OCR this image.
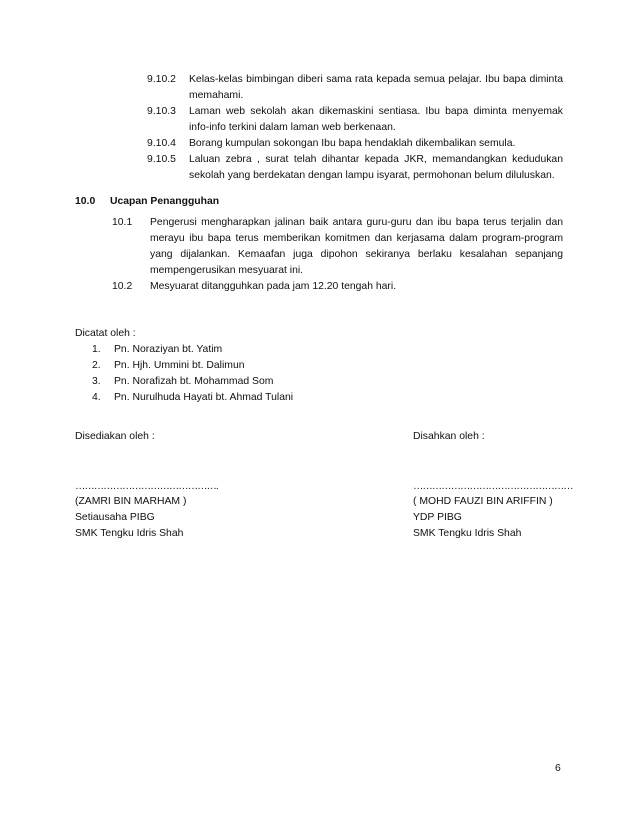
9.10.2 Kelas-kelas bimbingan diberi sama rata kepada semua pelajar. Ibu bapa diminta
memahami.
9.10.3 Laman web sekolah akan dikemaskini sentiasa. Ibu bapa diminta menyemak
info-info terkini dalam laman web berkenaan.
9.10.4 Borang kumpulan sokongan Ibu bapa hendaklah dikembalikan semula.
9.10.5 Laluan zebra , surat telah dihantar kepada JKR, memandangkan kedudukan
sekolah yang berdekatan dengan lampu isyarat, permohonan belum diluluskan.
10.0 Ucapan Penangguhan
10.1 Pengerusi mengharapkan jalinan baik antara guru-guru dan ibu bapa terus terjalin dan
merayu ibu bapa terus memberikan komitmen dan kerjasama dalam program-program
yang dijalankan. Kemaafan juga dipohon sekiranya berlaku kesalahan sepanjang
mempengerusikan mesyuarat ini.
10.2 Mesyuarat ditangguhkan pada jam 12.20 tengah hari.
Dicatat oleh :
1. Pn. Noraziyan bt. Yatim
2. Pn. Hjh. Ummini bt. Dalimun
3. Pn. Norafizah bt. Mohammad Som
4. Pn. Nurulhuda Hayati bt. Ahmad Tulani
Disediakan oleh :
……………………………………….
(ZAMRI BIN MARHAM )
Setiausaha PIBG
SMK Tengku Idris Shah
Disahkan oleh :
……………………………………………
( MOHD FAUZI BIN ARIFFIN )
YDP PIBG
SMK Tengku Idris Shah
6
